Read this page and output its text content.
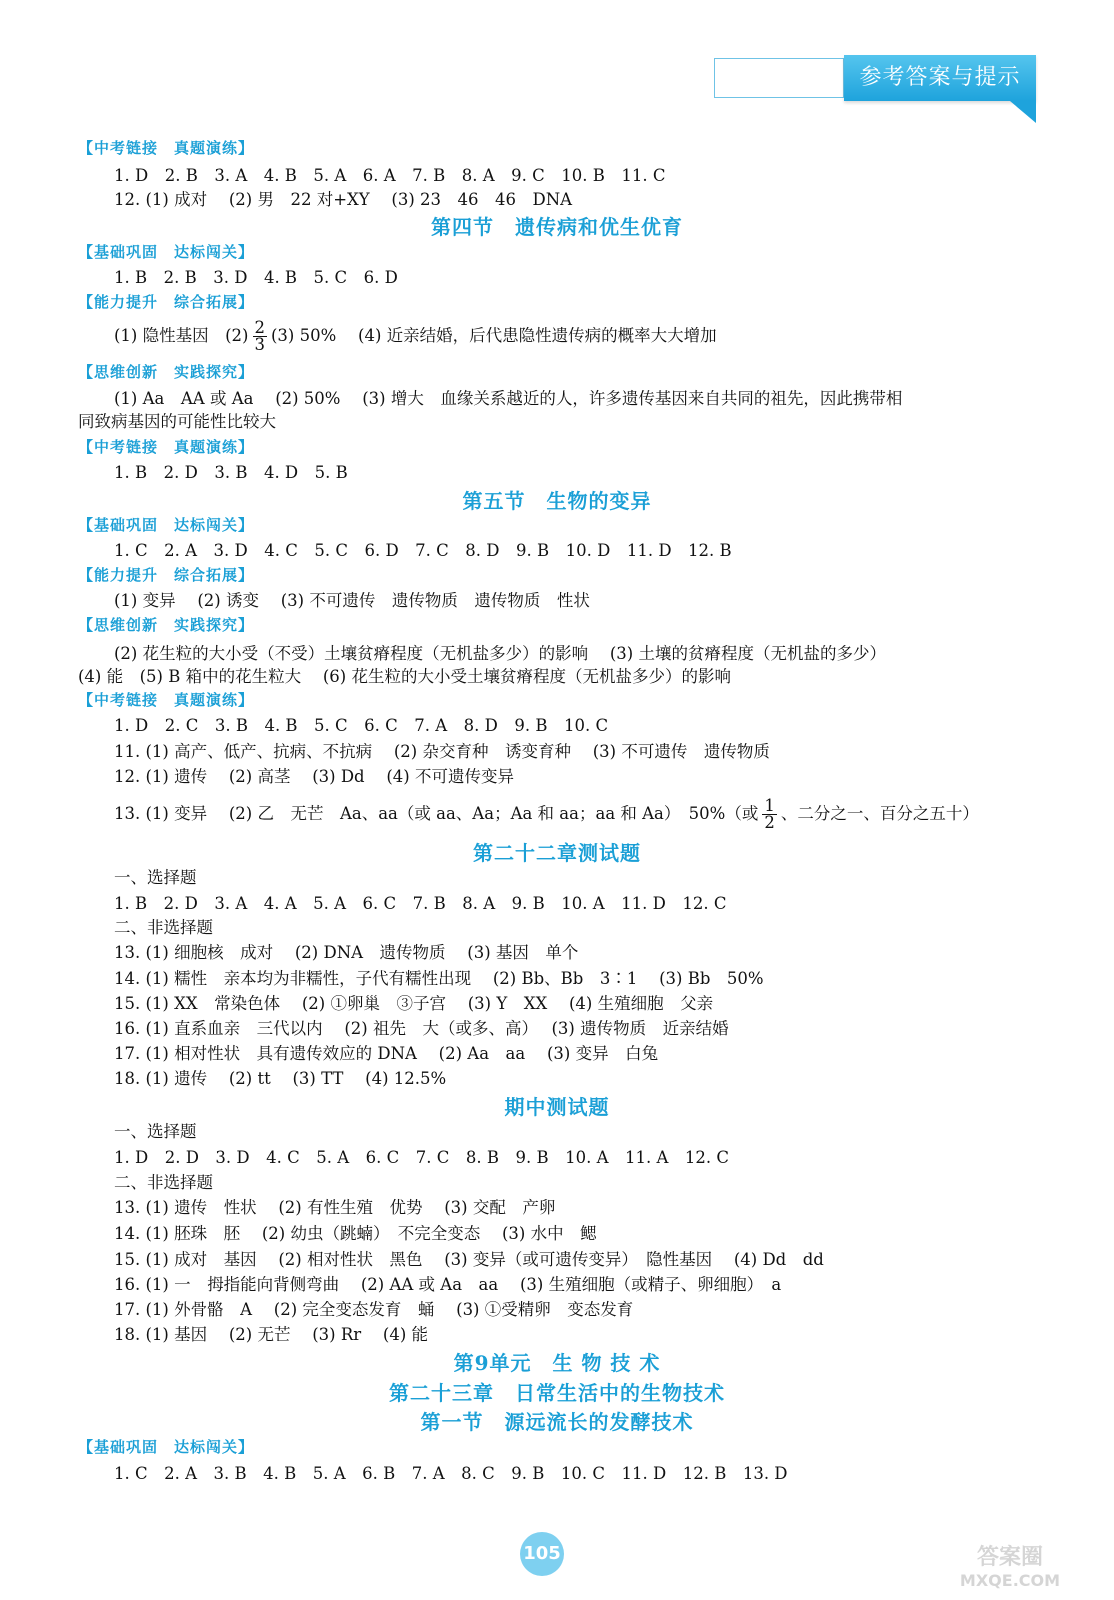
参考答案与提示
【中考链接　真题演练】
1. D　2. B　3. A　4. B　5. A　6. A　7. B　8. A　9. C　10. B　11. C
12. (1) 成对　 (2) 男　22 对+XY　 (3) 23　46　46　DNA
第四节　遗传病和优生优育
【基础巩固　达标闯关】
1. B　2. B　3. D　4. B　5. C　6. D
【能力提升　综合拓展】
(1) 隐性基因　$(2) \frac{2}{3} (3)$ 50%　 (4) 近亲结婚，后代患隐性遗传病的概率大大增加
【思维创新　实践探究】
(1) Aa　AA 或 Aa　 (2) 50%　 (3) 增大　血缘关系越近的人，许多遗传基因来自共同的祖先，因此携带相
同致病基因的可能性比较大
【中考链接　真题演练】
1. B　2. D　3. B　4. D　5. B
第五节　生物的变异
【基础巩固　达标闯关】
1. C　2. A　3. D　4. C　5. C　6. D　7. C　8. D　9. B　10. D　11. D　12. B
【能力提升　综合拓展】
(1) 变异　 (2) 诱变　 (3) 不可遗传　遗传物质　遗传物质　性状
【思维创新　实践探究】
(2) 花生粒的大小受（不受）土壤贫瘠程度（无机盐多少）的影响　 (3) 土壤的贫瘠程度（无机盐的多少）
(4) 能　(5) B 箱中的花生粒大　 (6) 花生粒的大小受土壤贫瘠程度（无机盐多少）的影响
【中考链接　真题演练】
1. D　2. C　3. B　4. B　5. C　6. C　7. A　8. D　9. B　10. C
11. (1) 高产、低产、抗病、不抗病　 (2) 杂交育种　诱变育种　 (3) 不可遗传　遗传物质
12. (1) 遗传　 (2) 高茎　 (3) Dd　 (4) 不可遗传变异
13. (1) 变异　 (2) 乙　无芒　Aa、aa（或 aa、Aa；Aa 和 aa；aa 和 Aa）　50%（或 $\frac{1}{2}$ 、二分之一、百分之五十）
第二十二章测试题
一、选择题
1. B　2. D　3. A　4. A　5. A　6. C　7. B　8. A　9. B　10. A　11. D　12. C
二、非选择题
13. (1) 细胞核　成对　 (2) DNA　遗传物质　 (3) 基因　单个
14. (1) 糯性　亲本均为非糯性，子代有糯性出现　 (2) Bb、Bb　3∶1　 (3) Bb　50%
15. (1) XX　常染色体　 (2) ①卵巢　③子宫　 (3) Y　XX　 (4) 生殖细胞　父亲
16. (1) 直系血亲　三代以内　 (2) 祖先　大（或多、高）　 (3) 遗传物质　近亲结婚
17. (1) 相对性状　具有遗传效应的 DNA　 (2) Aa　aa　 (3) 变异　白兔
18. (1) 遗传　 (2) tt　 (3) TT　 (4) 12.5%
期中测试题
一、选择题
1. D　2. D　3. D　4. C　5. A　6. C　7. C　8. B　9. B　10. A　11. A　12. C
二、非选择题
13. (1) 遗传　性状　 (2) 有性生殖　优势　 (3) 交配　产卵
14. (1) 胚珠　胚　 (2) 幼虫（跳蝻）　不完全变态　 (3) 水中　鳃
15. (1) 成对　基因　 (2) 相对性状　黑色　 (3) 变异（或可遗传变异）　隐性基因　 (4) Dd　dd
16. (1) 一　拇指能向背侧弯曲　 (2) AA 或 Aa　aa　 (3) 生殖细胞（或精子、卵细胞）　a
17. (1) 外骨骼　A　 (2) 完全变态发育　蛹　 (3) ①受精卵　变态发育
18. (1) 基因　 (2) 无芒　 (3) Rr　 (4) 能
第9单元　生 物 技 术
第二十三章　日常生活中的生物技术
第一节　源远流长的发酵技术
【基础巩固　达标闯关】
1. C　2. A　3. B　4. B　5. A　6. B　7. A　8. C　9. B　10. C　11. D　12. B　13. D
105	答案圈
MXQE.COM
